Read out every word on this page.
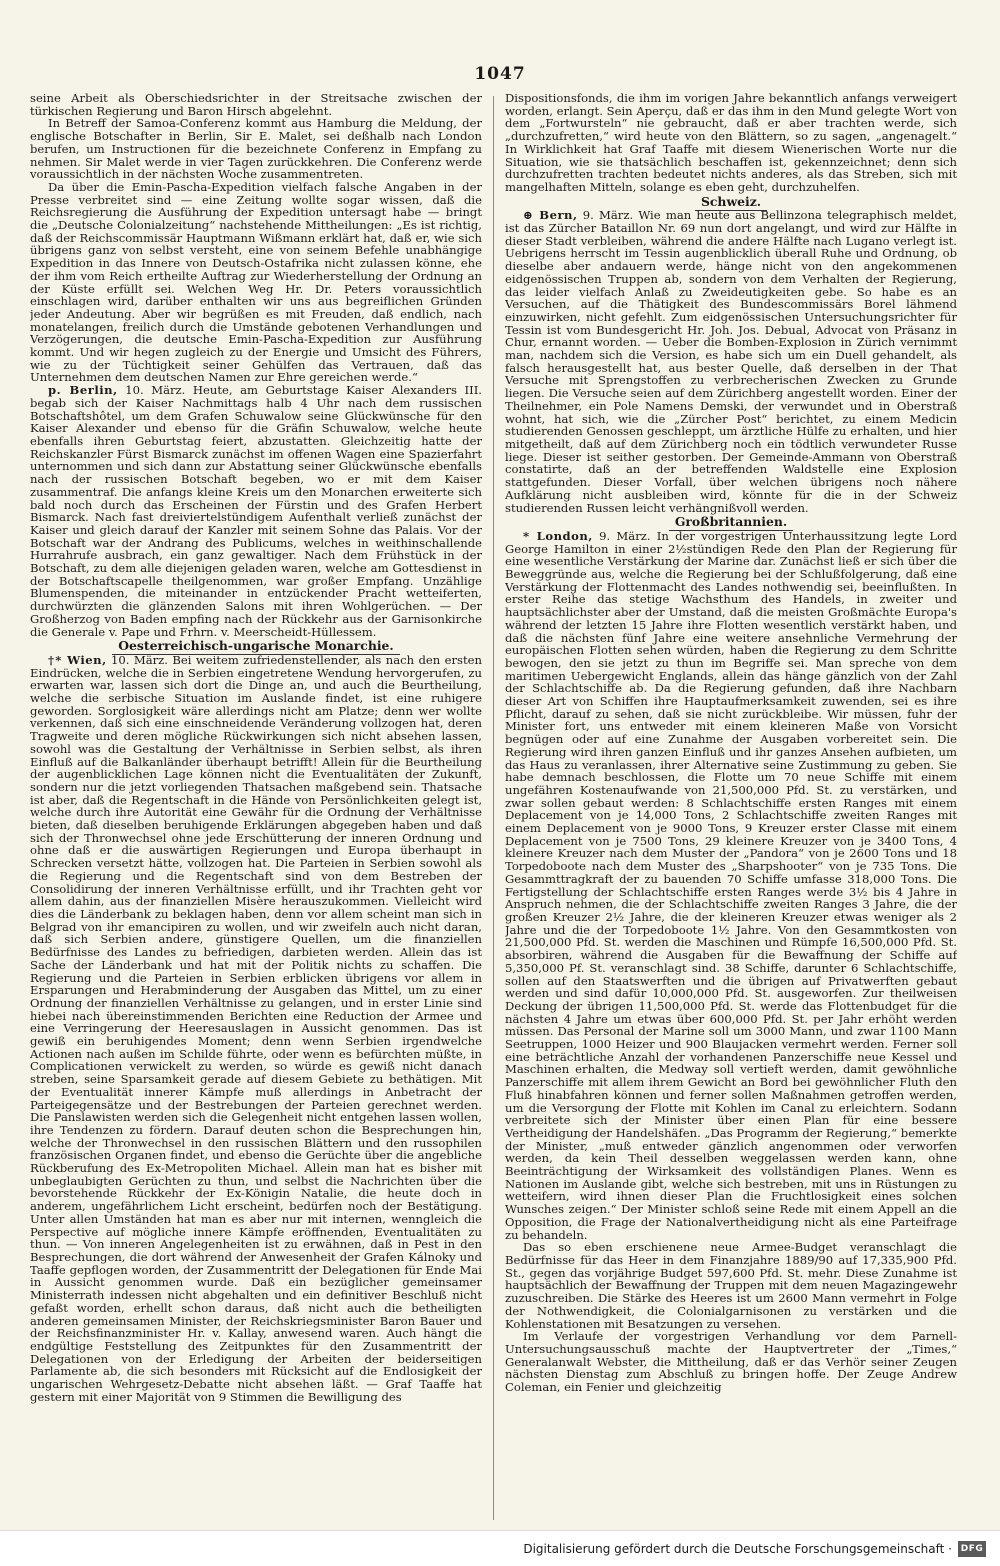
1047

seine Arbeit als Oberschiedsrichter in der Streitsache zwischen der türkischen Regierung und Baron Hirsch abgelehnt.

In Betreff der Samoa-Conferenz kommt aus Hamburg die Meldung, der englische Botschafter in Berlin, Sir E. Malet, sei deßhalb nach London berufen, um Instructionen für die bezeichnete Conferenz in Empfang zu nehmen. Sir Malet werde in vier Tagen zurückkehren. Die Conferenz werde voraussichtlich in der nächsten Woche zusammentreten.

Da über die Emin-Pascha-Expedition vielfach falsche Angaben in der Presse verbreitet sind — eine Zeitung wollte sogar wissen, daß die Reichsregierung die Ausführung der Expedition untersagt habe — bringt die „Deutsche Colonialzeitung“ nachstehende Mittheilungen: „Es ist richtig, daß der Reichscommissär Hauptmann Wißmann erklärt hat, daß er, wie sich übrigens ganz von selbst versteht, eine von seinem Befehle unabhängige Expedition in das Innere von Deutsch-Ostafrika nicht zulassen könne, ehe der ihm vom Reich ertheilte Auftrag zur Wiederherstellung der Ordnung an der Küste erfüllt sei. Welchen Weg Hr. Dr. Peters voraussichtlich einschlagen wird, darüber enthalten wir uns aus begreiflichen Gründen jeder Andeutung. Aber wir begrüßen es mit Freuden, daß endlich, nach monatelangen, freilich durch die Umstände gebotenen Verhandlungen und Verzögerungen, die deutsche Emin-Pascha-Expedition zur Ausführung kommt. Und wir hegen zugleich zu der Energie und Umsicht des Führers, wie zu der Tüchtigkeit seiner Gehülfen das Vertrauen, daß das Unternehmen dem deutschen Namen zur Ehre gereichen werde.“

p. Berlin, 10. März. Heute, am Geburtstage Kaiser Alexanders III. begab sich der Kaiser Nachmittags halb 4 Uhr nach dem russischen Botschaftshôtel, um dem Grafen Schuwalow seine Glückwünsche für den Kaiser Alexander und ebenso für die Gräfin Schuwalow, welche heute ebenfalls ihren Geburtstag feiert, abzustatten. Gleichzeitig hatte der Reichskanzler Fürst Bismarck zunächst im offenen Wagen eine Spazierfahrt unternommen und sich dann zur Abstattung seiner Glückwünsche ebenfalls nach der russischen Botschaft begeben, wo er mit dem Kaiser zusammentraf. Die anfangs kleine Kreis um den Monarchen erweiterte sich bald noch durch das Erscheinen der Fürstin und des Grafen Herbert Bismarck. Nach fast dreiviertelstündigem Aufenthalt verließ zunächst der Kaiser und gleich darauf der Kanzler mit seinem Sohne das Palais. Vor der Botschaft war der Andrang des Publicums, welches in weithinschallende Hurrahrufe ausbrach, ein ganz gewaltiger. Nach dem Frühstück in der Botschaft, zu dem alle diejenigen geladen waren, welche am Gottesdienst in der Botschaftscapelle theilgenommen, war großer Empfang. Unzählige Blumenspenden, die miteinander in entzückender Pracht wetteiferten, durchwürzten die glänzenden Salons mit ihren Wohlgerüchen. — Der Großherzog von Baden empfing nach der Rückkehr aus der Garnisonkirche die Generale v. Pape und Frhrn. v. Meerscheidt-Hüllessem.

Oesterreichisch-ungarische Monarchie.

†* Wien, 10. März. Bei weitem zufriedenstellender, als nach den ersten Eindrücken, welche die in Serbien eingetretene Wendung hervorgerufen, zu erwarten war, lassen sich dort die Dinge an, und auch die Beurtheilung, welche die serbische Situation im Auslande findet, ist eine ruhigere geworden. Sorglosigkeit wäre allerdings nicht am Platze; denn wer wollte verkennen, daß sich eine einschneidende Veränderung vollzogen hat, deren Tragweite und deren mögliche Rückwirkungen sich nicht absehen lassen, sowohl was die Gestaltung der Verhältnisse in Serbien selbst, als ihren Einfluß auf die Balkanländer überhaupt betrifft! Allein für die Beurtheilung der augenblicklichen Lage können nicht die Eventualitäten der Zukunft, sondern nur die jetzt vorliegenden Thatsachen maßgebend sein. Thatsache ist aber, daß die Regentschaft in die Hände von Persönlichkeiten gelegt ist, welche durch ihre Autorität eine Gewähr für die Ordnung der Verhältnisse bieten, daß dieselben beruhigende Erklärungen abgegeben haben und daß sich der Thronwechsel ohne jede Erschütterung der inneren Ordnung und ohne daß er die auswärtigen Regierungen und Europa überhaupt in Schrecken versetzt hätte, vollzogen hat. Die Parteien in Serbien sowohl als die Regierung und die Regentschaft sind von dem Bestreben der Consolidirung der inneren Verhältnisse erfüllt, und ihr Trachten geht vor allem dahin, aus der finanziellen Misère herauszukommen. Vielleicht wird dies die Länderbank zu beklagen haben, denn vor allem scheint man sich in Belgrad von ihr emancipiren zu wollen, und wir zweifeln auch nicht daran, daß sich Serbien andere, günstigere Quellen, um die finanziellen Bedürfnisse des Landes zu befriedigen, darbieten werden. Allein das ist Sache der Länderbank und hat mit der Politik nichts zu schaffen. Die Regierung und die Parteien in Serbien erblicken übrigens vor allem in Ersparungen und Herabminderung der Ausgaben das Mittel, um zu einer Ordnung der finanziellen Verhältnisse zu gelangen, und in erster Linie sind hiebei nach übereinstimmenden Berichten eine Reduction der Armee und eine Verringerung der Heeresauslagen in Aussicht genommen. Das ist gewiß ein beruhigendes Moment; denn wenn Serbien irgendwelche Actionen nach außen im Schilde führte, oder wenn es befürchten müßte, in Complicationen verwickelt zu werden, so würde es gewiß nicht danach streben, seine Sparsamkeit gerade auf diesem Gebiete zu bethätigen. Mit der Eventualität innerer Kämpfe muß allerdings in Anbetracht der Parteigegensätze und der Bestrebungen der Parteien gerechnet werden. Die Panslawisten werden sich die Gelegenheit nicht entgehen lassen wollen, ihre Tendenzen zu fördern. Darauf deuten schon die Besprechungen hin, welche der Thronwechsel in den russischen Blättern und den russophilen französischen Organen findet, und ebenso die Gerüchte über die angebliche Rückberufung des Ex-Metropoliten Michael. Allein man hat es bisher mit unbeglaubigten Gerüchten zu thun, und selbst die Nachrichten über die bevorstehende Rückkehr der Ex-Königin Natalie, die heute doch in anderem, ungefährlichem Licht erscheint, bedürfen noch der Bestätigung. Unter allen Umständen hat man es aber nur mit internen, wenngleich die Perspective auf mögliche innere Kämpfe eröffnenden, Eventualitäten zu thun. — Von inneren Angelegenheiten ist zu erwähnen, daß in Pest in den Besprechungen, die dort während der Anwesenheit der Grafen Kálnoky und Taaffe gepflogen worden, der Zusammentritt der Delegationen für Ende Mai in Aussicht genommen wurde. Daß ein bezüglicher gemeinsamer Ministerrath indessen nicht abgehalten und ein definitiver Beschluß nicht gefaßt worden, erhellt schon daraus, daß nicht auch die betheiligten anderen gemeinsamen Minister, der Reichskriegsminister Baron Bauer und der Reichsfinanzminister Hr. v. Kallay, anwesend waren. Auch hängt die endgültige Feststellung des Zeitpunktes für den Zusammentritt der Delegationen von der Erledigung der Arbeiten der beiderseitigen Parlamente ab, die sich besonders mit Rücksicht auf die Endlosigkeit der ungarischen Wehrgesetz-Debatte nicht absehen läßt. — Graf Taaffe hat gestern mit einer Majorität von 9 Stimmen die Bewilligung des

Dispositionsfonds, die ihm im vorigen Jahre bekanntlich anfangs verweigert worden, erlangt. Sein Aperçu, daß er das ihm in den Mund gelegte Wort von dem „Fortwursteln“ nie gebraucht, daß er aber trachten werde, sich „durchzufretten,“ wird heute von den Blättern, so zu sagen, „angenagelt.“ In Wirklichkeit hat Graf Taaffe mit diesem Wienerischen Worte nur die Situation, wie sie thatsächlich beschaffen ist, gekennzeichnet; denn sich durchzufretten trachten bedeutet nichts anderes, als das Streben, sich mit mangelhaften Mitteln, solange es eben geht, durchzuhelfen.

Schweiz.

⊕ Bern, 9. März. Wie man heute aus Bellinzona telegraphisch meldet, ist das Zürcher Bataillon Nr. 69 nun dort angelangt, und wird zur Hälfte in dieser Stadt verbleiben, während die andere Hälfte nach Lugano verlegt ist. Uebrigens herrscht im Tessin augenblicklich überall Ruhe und Ordnung, ob dieselbe aber andauern werde, hänge nicht von den angekommenen eidgenössischen Truppen ab, sondern von dem Verhalten der Regierung, das leider vielfach Anlaß zu Zweideutigkeiten gebe. So habe es an Versuchen, auf die Thätigkeit des Bundescommissärs Borel lähmend einzuwirken, nicht gefehlt. Zum eidgenössischen Untersuchungsrichter für Tessin ist vom Bundesgericht Hr. Joh. Jos. Debual, Advocat von Präsanz in Chur, ernannt worden. — Ueber die Bomben-Explosion in Zürich vernimmt man, nachdem sich die Version, es habe sich um ein Duell gehandelt, als falsch herausgestellt hat, aus bester Quelle, daß derselben in der That Versuche mit Sprengstoffen zu verbrecherischen Zwecken zu Grunde liegen. Die Versuche seien auf dem Zürichberg angestellt worden. Einer der Theilnehmer, ein Pole Namens Demski, der verwundet und in Oberstraß wohnt, hat sich, wie die „Zürcher Post“ berichtet, zu einem Medicin studierenden Genossen geschleppt, um ärztliche Hülfe zu erhalten, und hier mitgetheilt, daß auf dem Zürichberg noch ein tödtlich verwundeter Russe liege. Dieser ist seither gestorben. Der Gemeinde-Ammann von Oberstraß constatirte, daß an der betreffenden Waldstelle eine Explosion stattgefunden. Dieser Vorfall, über welchen übrigens noch nähere Aufklärung nicht ausbleiben wird, könnte für die in der Schweiz studierenden Russen leicht verhängnißvoll werden.

Großbritannien.

* London, 9. März. In der vorgestrigen Unterhaussitzung legte Lord George Hamilton in einer 2½stündigen Rede den Plan der Regierung für eine wesentliche Verstärkung der Marine dar. Zunächst ließ er sich über die Beweggründe aus, welche die Regierung bei der Schlußfolgerung, daß eine Verstärkung der Flottenmacht des Landes nothwendig sei, beeinflußten. In erster Reihe das stetige Wachsthum des Handels, in zweiter und hauptsächlichster aber der Umstand, daß die meisten Großmächte Europa's während der letzten 15 Jahre ihre Flotten wesentlich verstärkt haben, und daß die nächsten fünf Jahre eine weitere ansehnliche Vermehrung der europäischen Flotten sehen würden, haben die Regierung zu dem Schritte bewogen, den sie jetzt zu thun im Begriffe sei. Man spreche von dem maritimen Uebergewicht Englands, allein das hänge gänzlich von der Zahl der Schlachtschiffe ab. Da die Regierung gefunden, daß ihre Nachbarn dieser Art von Schiffen ihre Hauptaufmerksamkeit zuwenden, sei es ihre Pflicht, darauf zu sehen, daß sie nicht zurückbleibe. Wir müssen, fuhr der Minister fort, uns entweder mit einem kleineren Maße von Vorsicht begnügen oder auf eine Zunahme der Ausgaben vorbereitet sein. Die Regierung wird ihren ganzen Einfluß und ihr ganzes Ansehen aufbieten, um das Haus zu veranlassen, ihrer Alternative seine Zustimmung zu geben. Sie habe demnach beschlossen, die Flotte um 70 neue Schiffe mit einem ungefähren Kostenaufwande von 21,500,000 Pfd. St. zu verstärken, und zwar sollen gebaut werden: 8 Schlachtschiffe ersten Ranges mit einem Deplacement von je 14,000 Tons, 2 Schlachtschiffe zweiten Ranges mit einem Deplacement von je 9000 Tons, 9 Kreuzer erster Classe mit einem Deplacement von je 7500 Tons, 29 kleinere Kreuzer von je 3400 Tons, 4 kleinere Kreuzer nach dem Muster der „Pandora“ von je 2600 Tons und 18 Torpedoboote nach dem Muster des „Sharpshooter“ von je 735 Tons. Die Gesammttragkraft der zu bauenden 70 Schiffe umfasse 318,000 Tons. Die Fertigstellung der Schlachtschiffe ersten Ranges werde 3½ bis 4 Jahre in Anspruch nehmen, die der Schlachtschiffe zweiten Ranges 3 Jahre, die der großen Kreuzer 2½ Jahre, die der kleineren Kreuzer etwas weniger als 2 Jahre und die der Torpedoboote 1½ Jahre. Von den Gesammtkosten von 21,500,000 Pfd. St. werden die Maschinen und Rümpfe 16,500,000 Pfd. St. absorbiren, während die Ausgaben für die Bewaffnung der Schiffe auf 5,350,000 Pf. St. veranschlagt sind. 38 Schiffe, darunter 6 Schlachtschiffe, sollen auf den Staatswerften und die übrigen auf Privatwerften gebaut werden und sind dafür 10,000,000 Pfd. St. ausgeworfen. Zur theilweisen Deckung der übrigen 11,500,000 Pfd. St. werde das Flottenbudget für die nächsten 4 Jahre um etwas über 600,000 Pfd. St. per Jahr erhöht werden müssen. Das Personal der Marine soll um 3000 Mann, und zwar 1100 Mann Seetruppen, 1000 Heizer und 900 Blaujacken vermehrt werden. Ferner soll eine beträchtliche Anzahl der vorhandenen Panzerschiffe neue Kessel und Maschinen erhalten, die Medway soll vertieft werden, damit gewöhnliche Panzerschiffe mit allem ihrem Gewicht an Bord bei gewöhnlicher Fluth den Fluß hinabfahren können und ferner sollen Maßnahmen getroffen werden, um die Versorgung der Flotte mit Kohlen im Canal zu erleichtern. Sodann verbreitete sich der Minister über einen Plan für eine bessere Vertheidigung der Handelshäfen. „Das Programm der Regierung,“ bemerkte der Minister, „muß entweder gänzlich angenommen oder verworfen werden, da kein Theil desselben weggelassen werden kann, ohne Beeinträchtigung der Wirksamkeit des vollständigen Planes. Wenn es Nationen im Auslande gibt, welche sich bestreben, mit uns in Rüstungen zu wetteifern, wird ihnen dieser Plan die Fruchtlosigkeit eines solchen Wunsches zeigen.“ Der Minister schloß seine Rede mit einem Appell an die Opposition, die Frage der Nationalvertheidigung nicht als eine Parteifrage zu behandeln.

Das so eben erschienene neue Armee-Budget veranschlagt die Bedürfnisse für das Heer in dem Finanzjahre 1889/90 auf 17,335,900 Pfd. St., gegen das vorjährige Budget 597,600 Pfd. St. mehr. Diese Zunahme ist hauptsächlich der Bewaffnung der Truppen mit dem neuen Magazingewehr zuzuschreiben. Die Stärke des Heeres ist um 2600 Mann vermehrt in Folge der Nothwendigkeit, die Colonialgarnisonen zu verstärken und die Kohlenstationen mit Besatzungen zu versehen.

Im Verlaufe der vorgestrigen Verhandlung vor dem Parnell-Untersuchungsausschuß machte der Hauptvertreter der „Times,“ Generalanwalt Webster, die Mittheilung, daß er das Verhör seiner Zeugen nächsten Dienstag zum Abschluß zu bringen hoffe. Der Zeuge Andrew Coleman, ein Fenier und gleichzeitig

Digitalisierung gefördert durch die Deutsche Forschungsgemeinschaft · DFG
